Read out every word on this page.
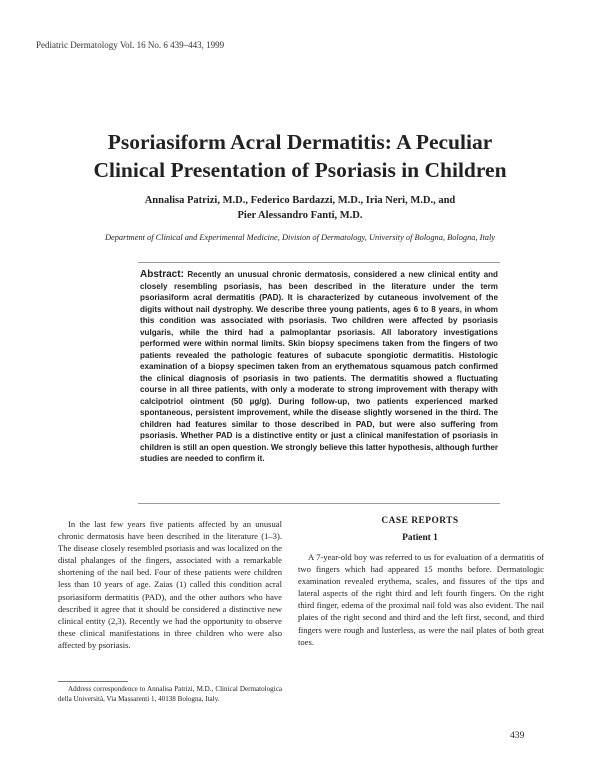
Pediatric Dermatology Vol. 16 No. 6 439–443, 1999
Psoriasiform Acral Dermatitis: A Peculiar
Clinical Presentation of Psoriasis in Children
Annalisa Patrizi, M.D., Federico Bardazzi, M.D., Iria Neri, M.D., and
Pier Alessandro Fanti, M.D.
Department of Clinical and Experimental Medicine, Division of Dermatology, University of Bologna, Bologna, Italy
Abstract: Recently an unusual chronic dermatosis, considered a new clinical entity and closely resembling psoriasis, has been described in the literature under the term psoriasiform acral dermatitis (PAD). It is characterized by cutaneous involvement of the digits without nail dystrophy. We describe three young patients, ages 6 to 8 years, in whom this condition was associated with psoriasis. Two children were affected by psoriasis vulgaris, while the third had a palmoplantar psoriasis. All laboratory investigations performed were within normal limits. Skin biopsy specimens taken from the fingers of two patients revealed the pathologic features of subacute spongiotic dermatitis. Histologic examination of a biopsy specimen taken from an erythematous squamous patch confirmed the clinical diagnosis of psoriasis in two patients. The dermatitis showed a fluctuating course in all three patients, with only a moderate to strong improvement with therapy with calcipotriol ointment (50 µg/g). During follow-up, two patients experienced marked spontaneous, persistent improvement, while the disease slightly worsened in the third. The children had features similar to those described in PAD, but were also suffering from psoriasis. Whether PAD is a distinctive entity or just a clinical manifestation of psoriasis in children is still an open question. We strongly believe this latter hypothesis, although further studies are needed to confirm it.
In the last few years five patients affected by an unusual chronic dermatosis have been described in the literature (1–3). The disease closely resembled psoriasis and was localized on the distal phalanges of the fingers, associated with a remarkable shortening of the nail bed. Four of these patients were children less than 10 years of age. Zaias (1) called this condition acral psoriasiform dermatitis (PAD), and the other authors who have described it agree that it should be considered a distinctive new clinical entity (2,3). Recently we had the opportunity to observe these clinical manifestations in three children who were also affected by psoriasis.
CASE REPORTS
Patient 1
A 7-year-old boy was referred to us for evaluation of a dermatitis of two fingers which had appeared 15 months before. Dermatologic examination revealed erythema, scales, and fissures of the tips and lateral aspects of the right third and left fourth fingers. On the right third finger, edema of the proximal nail fold was also evident. The nail plates of the right second and third and the left first, second, and third fingers were rough and lusterless, as were the nail plates of both great toes.
Address correspondence to Annalisa Patrizi, M.D., Clinical Dermatologica della Università, Via Massarenti 1, 40138 Bologna, Italy.
439
